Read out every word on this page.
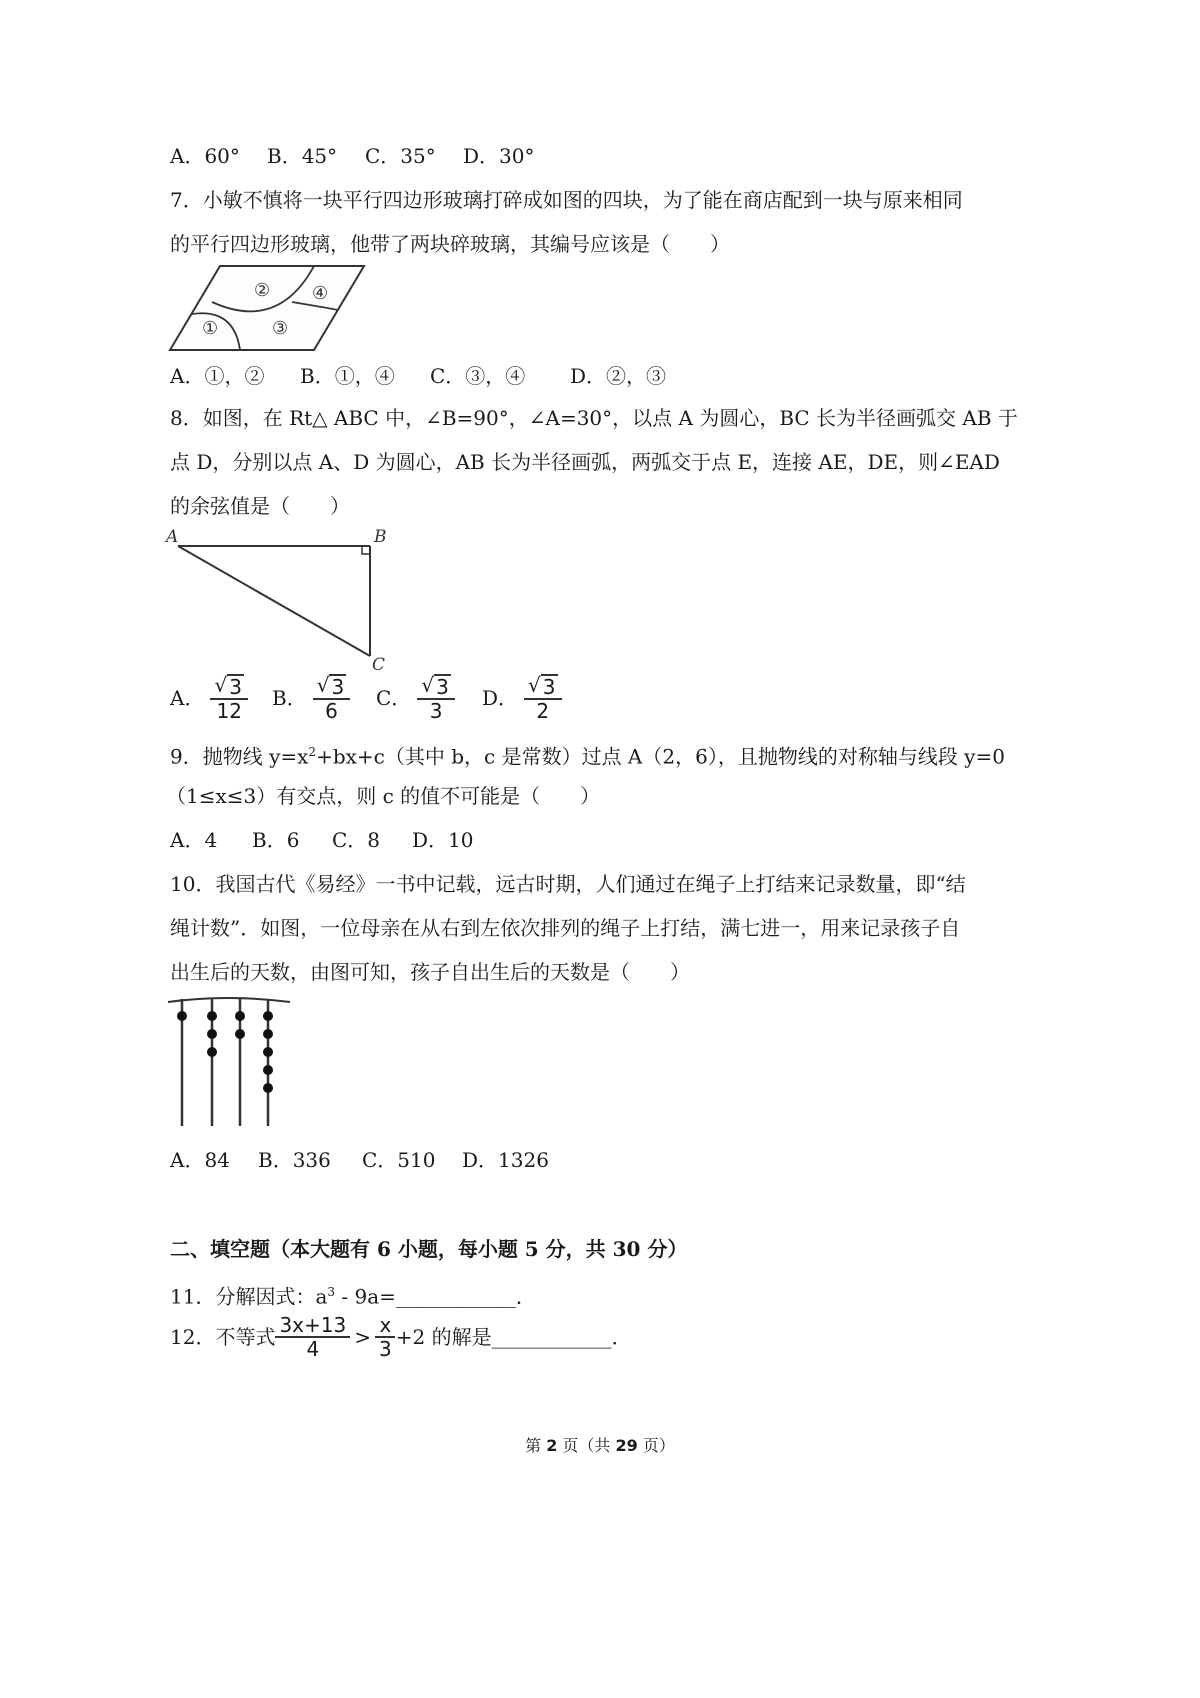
A．60° B．45° C．35° D．30°
7．小敏不慎将一块平行四边形玻璃打碎成如图的四块，为了能在商店配到一块与原来相同
的平行四边形玻璃，他带了两块碎玻璃，其编号应该是（　　）
② ④
①	③
A．①，② B．①，④ C．③，④ D．②，③
8．如图，在 Rt△ ABC 中，∠B=90°，∠A=30°，以点 A 为圆心，BC 长为半径画弧交 AB 于
点 D，分别以点 A、D 为圆心，AB 长为半径画弧，两弧交于点 E，连接 AE，DE，则∠EAD
的余弦值是（　　）
A	B
C
A． $\frac{√ 3}{12}$ B． $\frac{√ 3}{6}$ C． $\frac{√ 3}{3}$ D． $\frac{√ 3}{2}$
9．抛物线 $y=x^2+bx+c$（其中 b，c 是常数）过点 A（2，6），且抛物线的对称轴与线段 y=0
（1≤x≤3）有交点，则 c 的值不可能是（　　）
A．4 B．6 C．8 D．10
10．我国古代《易经》一书中记载，远古时期，人们通过在绳子上打结来记录数量，即“结
绳计数”．如图，一位母亲在从右到左依次排列的绳子上打结，满七进一，用来记录孩子自
出生后的天数，由图可知，孩子自出生后的天数是（　　）
A．84 B．336 C．510 D．1326
二、填空题（本大题有 6 小题，每小题 5 分，共 30 分）
11．分解因式：$a^3$ - 9a=____________．
12．不等式 $\frac{3x+13}{4} > \frac{x}{3} +2$ 的解是____________．
第 2 页（共 29 页）
